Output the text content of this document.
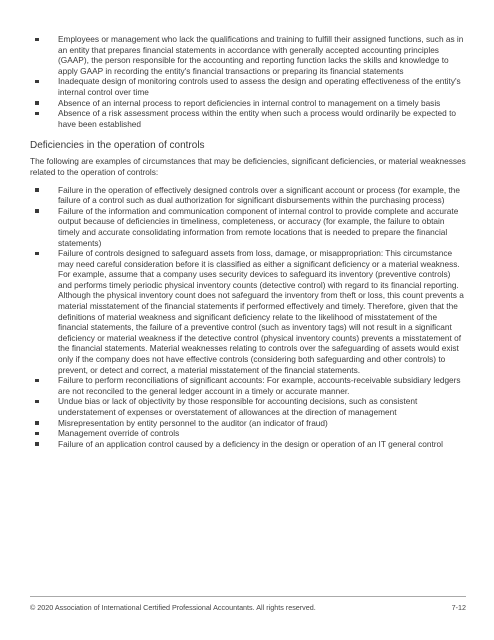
Employees or management who lack the qualifications and training to fulfill their assigned functions, such as in an entity that prepares financial statements in accordance with generally accepted accounting principles (GAAP), the person responsible for the accounting and reporting function lacks the skills and knowledge to apply GAAP in recording the entity's financial transactions or preparing its financial statements
Inadequate design of monitoring controls used to assess the design and operating effectiveness of the entity's internal control over time
Absence of an internal process to report deficiencies in internal control to management on a timely basis
Absence of a risk assessment process within the entity when such a process would ordinarily be expected to have been established
Deficiencies in the operation of controls

The following are examples of circumstances that may be deficiencies, significant deficiencies, or material weaknesses related to the operation of controls:

Failure in the operation of effectively designed controls over a significant account or process (for example, the failure of a control such as dual authorization for significant disbursements within the purchasing process)
Failure of the information and communication component of internal control to provide complete and accurate output because of deficiencies in timeliness, completeness, or accuracy (for example, the failure to obtain timely and accurate consolidating information from remote locations that is needed to prepare the financial statements)
Failure of controls designed to safeguard assets from loss, damage, or misappropriation: This circumstance may need careful consideration before it is classified as either a significant deficiency or a material weakness. For example, assume that a company uses security devices to safeguard its inventory (preventive controls) and performs timely periodic physical inventory counts (detective control) with regard to its financial reporting. Although the physical inventory count does not safeguard the inventory from theft or loss, this count prevents a material misstatement of the financial statements if performed effectively and timely. Therefore, given that the definitions of material weakness and significant deficiency relate to the likelihood of misstatement of the financial statements, the failure of a preventive control (such as inventory tags) will not result in a significant deficiency or material weakness if the detective control (physical inventory counts) prevents a misstatement of the financial statements. Material weaknesses relating to controls over the safeguarding of assets would exist only if the company does not have effective controls (considering both safeguarding and other controls) to prevent, or detect and correct, a material misstatement of the financial statements.
Failure to perform reconciliations of significant accounts: For example, accounts-receivable subsidiary ledgers are not reconciled to the general ledger account in a timely or accurate manner.
Undue bias or lack of objectivity by those responsible for accounting decisions, such as consistent understatement of expenses or overstatement of allowances at the direction of management
Misrepresentation by entity personnel to the auditor (an indicator of fraud)
Management override of controls
Failure of an application control caused by a deficiency in the design or operation of an IT general control
© 2020 Association of International Certified Professional Accountants. All rights reserved.	7-12
